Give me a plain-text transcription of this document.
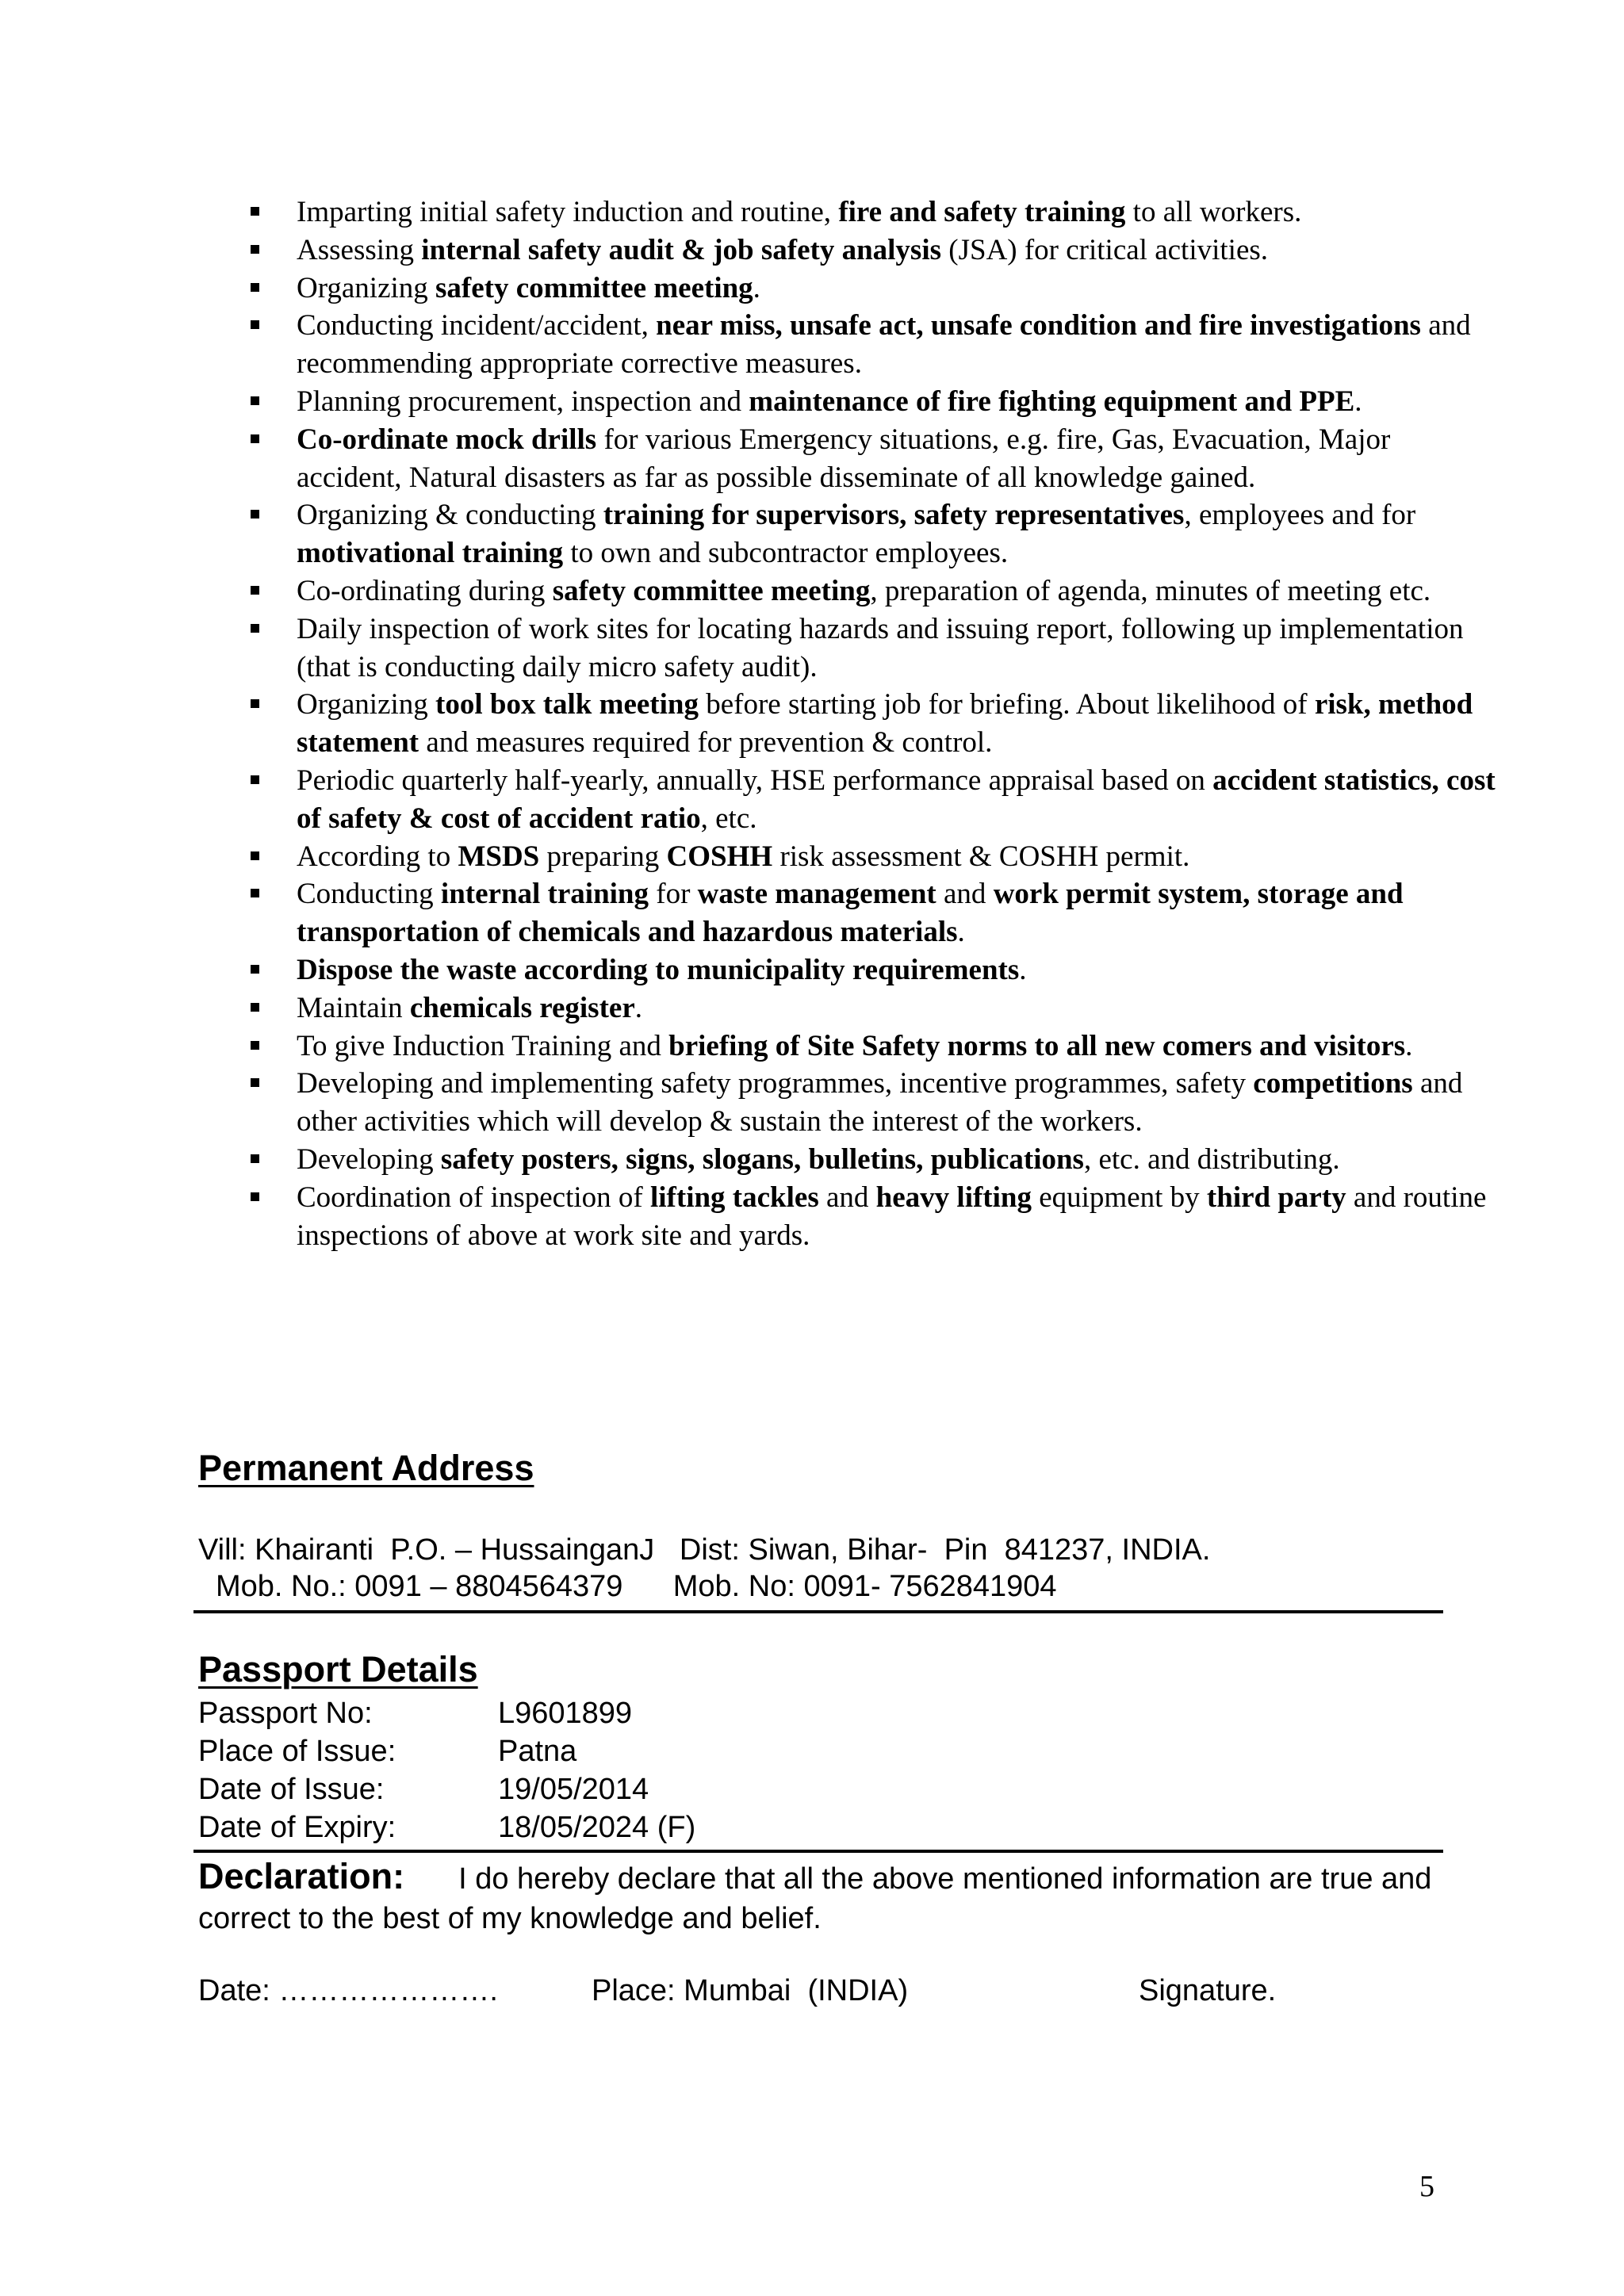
Imparting initial safety induction and routine, fire and safety training to all workers.
Assessing internal safety audit & job safety analysis (JSA) for critical activities.
Organizing safety committee meeting.
Conducting incident/accident, near miss, unsafe act, unsafe condition and fire investigations and recommending appropriate corrective measures.
Planning procurement, inspection and maintenance of fire fighting equipment and PPE.
Co-ordinate mock drills for various Emergency situations, e.g. fire, Gas, Evacuation, Major accident, Natural disasters as far as possible disseminate of all knowledge gained.
Organizing & conducting training for supervisors, safety representatives, employees and for motivational training to own and subcontractor employees.
Co-ordinating during safety committee meeting, preparation of agenda, minutes of meeting etc.
Daily inspection of work sites for locating hazards and issuing report, following up implementation (that is conducting daily micro safety audit).
Organizing tool box talk meeting before starting job for briefing. About likelihood of risk, method statement and measures required for prevention & control.
Periodic quarterly half-yearly, annually, HSE performance appraisal based on accident statistics, cost of safety & cost of accident ratio, etc.
According to MSDS preparing COSHH risk assessment & COSHH permit.
Conducting internal training for waste management and work permit system, storage and transportation of chemicals and hazardous materials.
Dispose the waste according to municipality requirements.
Maintain chemicals register.
To give Induction Training and briefing of Site Safety norms to all new comers and visitors.
Developing and implementing safety programmes, incentive programmes, safety competitions and other activities which will develop & sustain the interest of the workers.
Developing safety posters, signs, slogans, bulletins, publications, etc. and distributing.
Coordination of inspection of lifting tackles and heavy lifting equipment by third party and routine inspections of above at work site and yards.
Permanent Address
Vill: Khairanti  P.O. – HussainganJ   Dist: Siwan, Bihar-  Pin  841237, INDIA.
Mob. No.: 0091 – 8804564379      Mob. No: 0091- 7562841904
Passport Details
Passport No:	L9601899
Place of Issue:	Patna
Date of Issue:	19/05/2014
Date of Expiry:	18/05/2024 (F)
Declaration: I do hereby declare that all the above mentioned information are true and correct to the best of my knowledge and belief.
Date: ………………….	Place: Mumbai  (INDIA)	Signature.
5
